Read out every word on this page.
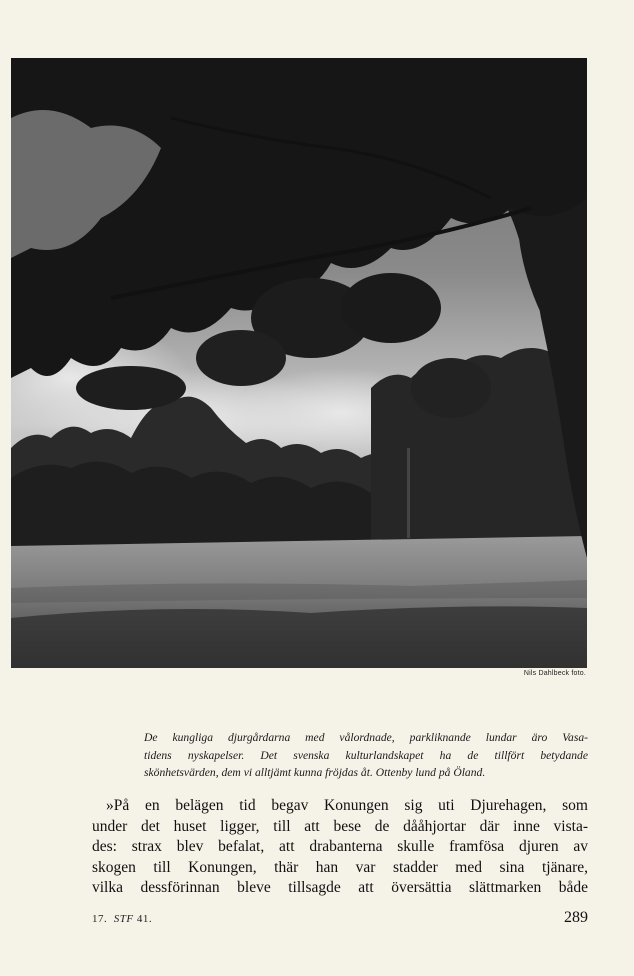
Nils Dahlbeck foto.
De kungliga djurgårdarna med vålordnade, parkliknande lundar äro Vasa-
tidens nyskapelser. Det svenska kulturlandskapet ha de tillfört betydande
skönhetsvärden, dem vi alltjämt kunna fröjdas åt. Ottenby lund på Öland.
»På en belägen tid begav Konungen sig uti Djurehagen, som
under det huset ligger, till att bese de dååhjortar där inne vista-
des: strax blev befalat, att drabanterna skulle framfösa djuren av
skogen till Konungen, thär han var stadder med sina tjänare,
vilka dessförinnan bleve tillsagde att översättia slättmarken både
17. STF 41.	289
